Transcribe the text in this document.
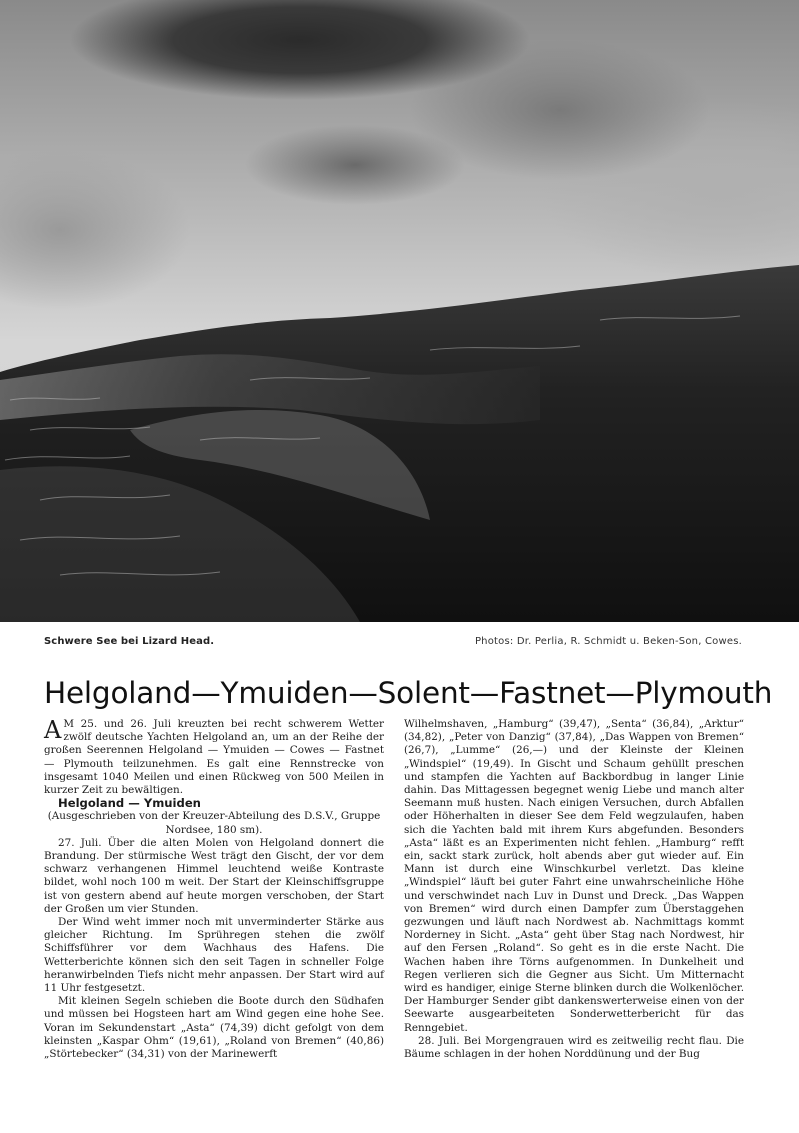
Schwere See bei Lizard Head.	Photos: Dr. Perlia, R. Schmidt u. Beken-Son, Cowes.
Helgoland—Ymuiden—Solent—Fastnet—Plymouth

A M 25. und 26. Juli kreuzten bei recht schwerem Wetter zwölf deutsche Yachten Helgoland an, um an der Reihe der großen Seerennen Helgoland — Ymuiden — Cowes — Fastnet — Plymouth teilzunehmen. Es galt eine Rennstrecke von insgesamt 1040 Meilen und einen Rückweg von 500 Meilen in kurzer Zeit zu bewältigen.

Helgoland — Ymuiden

(Ausgeschrieben von der Kreuzer-Abteilung des D.S.V., Gruppe Nordsee, 180 sm).

27. Juli. Über die alten Molen von Helgoland donnert die Brandung. Der stürmische West trägt den Gischt, der vor dem schwarz verhangenen Himmel leuchtend weiße Kontraste bildet, wohl noch 100 m weit. Der Start der Kleinschiffsgruppe ist von gestern abend auf heute morgen verschoben, der Start der Großen um vier Stunden.

Der Wind weht immer noch mit unverminderter Stärke aus gleicher Richtung. Im Sprühregen stehen die zwölf Schiffsführer vor dem Wachhaus des Hafens. Die Wetterberichte können sich den seit Tagen in schneller Folge heranwirbelnden Tiefs nicht mehr anpassen. Der Start wird auf 11 Uhr festgesetzt.

Mit kleinen Segeln schieben die Boote durch den Südhafen und müssen bei Hogsteen hart am Wind gegen eine hohe See. Voran im Sekundenstart „Asta“ (74,39) dicht gefolgt von dem kleinsten „Kaspar Ohm“ (19,61), „Roland von Bremen“ (40,86) „Störtebecker“ (34,31) von der Marinewerft

Wilhelmshaven, „Hamburg“ (39,47), „Senta“ (36,84), „Arktur“ (34,82), „Peter von Danzig“ (37,84), „Das Wappen von Bremen“ (26,7), „Lumme“ (26,—) und der Kleinste der Kleinen „Windspiel“ (19,49). In Gischt und Schaum gehüllt preschen und stampfen die Yachten auf Backbordbug in langer Linie dahin. Das Mittagessen begegnet wenig Liebe und manch alter Seemann muß husten. Nach einigen Versuchen, durch Abfallen oder Höherhalten in dieser See dem Feld wegzulaufen, haben sich die Yachten bald mit ihrem Kurs abgefunden. Besonders „Asta“ läßt es an Experimenten nicht fehlen. „Hamburg“ refft ein, sackt stark zurück, holt abends aber gut wieder auf. Ein Mann ist durch eine Winschkurbel verletzt. Das kleine „Windspiel“ läuft bei guter Fahrt eine unwahrscheinliche Höhe und verschwindet nach Luv in Dunst und Dreck. „Das Wappen von Bremen“ wird durch einen Dampfer zum Überstaggehen gezwungen und läuft nach Nordwest ab. Nachmittags kommt Norderney in Sicht. „Asta“ geht über Stag nach Nordwest, hir auf den Fersen „Roland“. So geht es in die erste Nacht. Die Wachen haben ihre Törns aufgenommen. In Dunkelheit und Regen verlieren sich die Gegner aus Sicht. Um Mitternacht wird es handiger, einige Sterne blinken durch die Wolkenlöcher. Der Hamburger Sender gibt dankenswerterweise einen von der Seewarte ausgearbeiteten Sonderwetterbericht für das Renngebiet.

28. Juli. Bei Morgengrauen wird es zeitweilig recht flau. Die Bäume schlagen in der hohen Norddünung und der Bug
